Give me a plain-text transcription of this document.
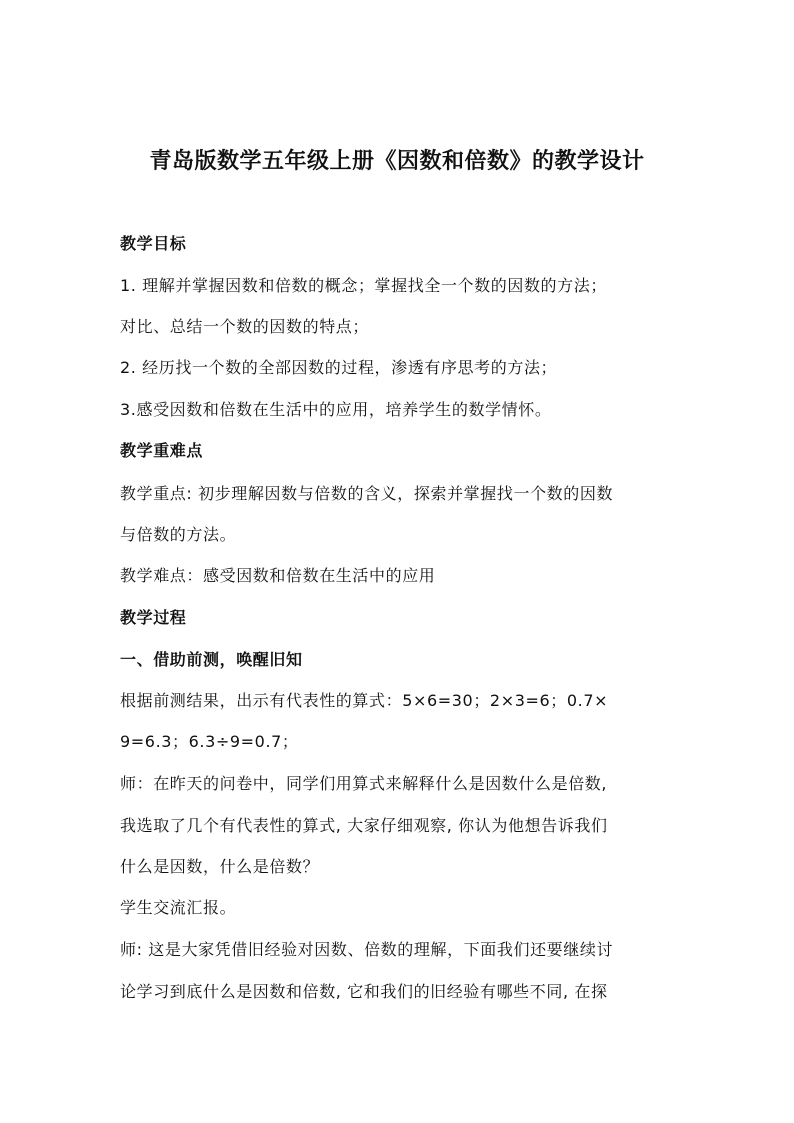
青岛版数学五年级上册《因数和倍数》的教学设计
教学目标
1. 理解并掌握因数和倍数的概念；掌握找全一个数的因数的方法；
对比、总结一个数的因数的特点；
2. 经历找一个数的全部因数的过程，渗透有序思考的方法；
3.感受因数和倍数在生活中的应用，培养学生的数学情怀。
教学重难点
教学重点: 初步理解因数与倍数的含义，探索并掌握找一个数的因数
与倍数的方法。
教学难点：感受因数和倍数在生活中的应用
教学过程
一、借助前测，唤醒旧知
根据前测结果，出示有代表性的算式：5×6=30；2×3=6；0.7×
9=6.3；6.3÷9=0.7；
师：在昨天的问卷中，同学们用算式来解释什么是因数什么是倍数,
我选取了几个有代表性的算式, 大家仔细观察, 你认为他想告诉我们
什么是因数，什么是倍数？
学生交流汇报。
师: 这是大家凭借旧经验对因数、倍数的理解，下面我们还要继续讨
论学习到底什么是因数和倍数, 它和我们的旧经验有哪些不同, 在探
